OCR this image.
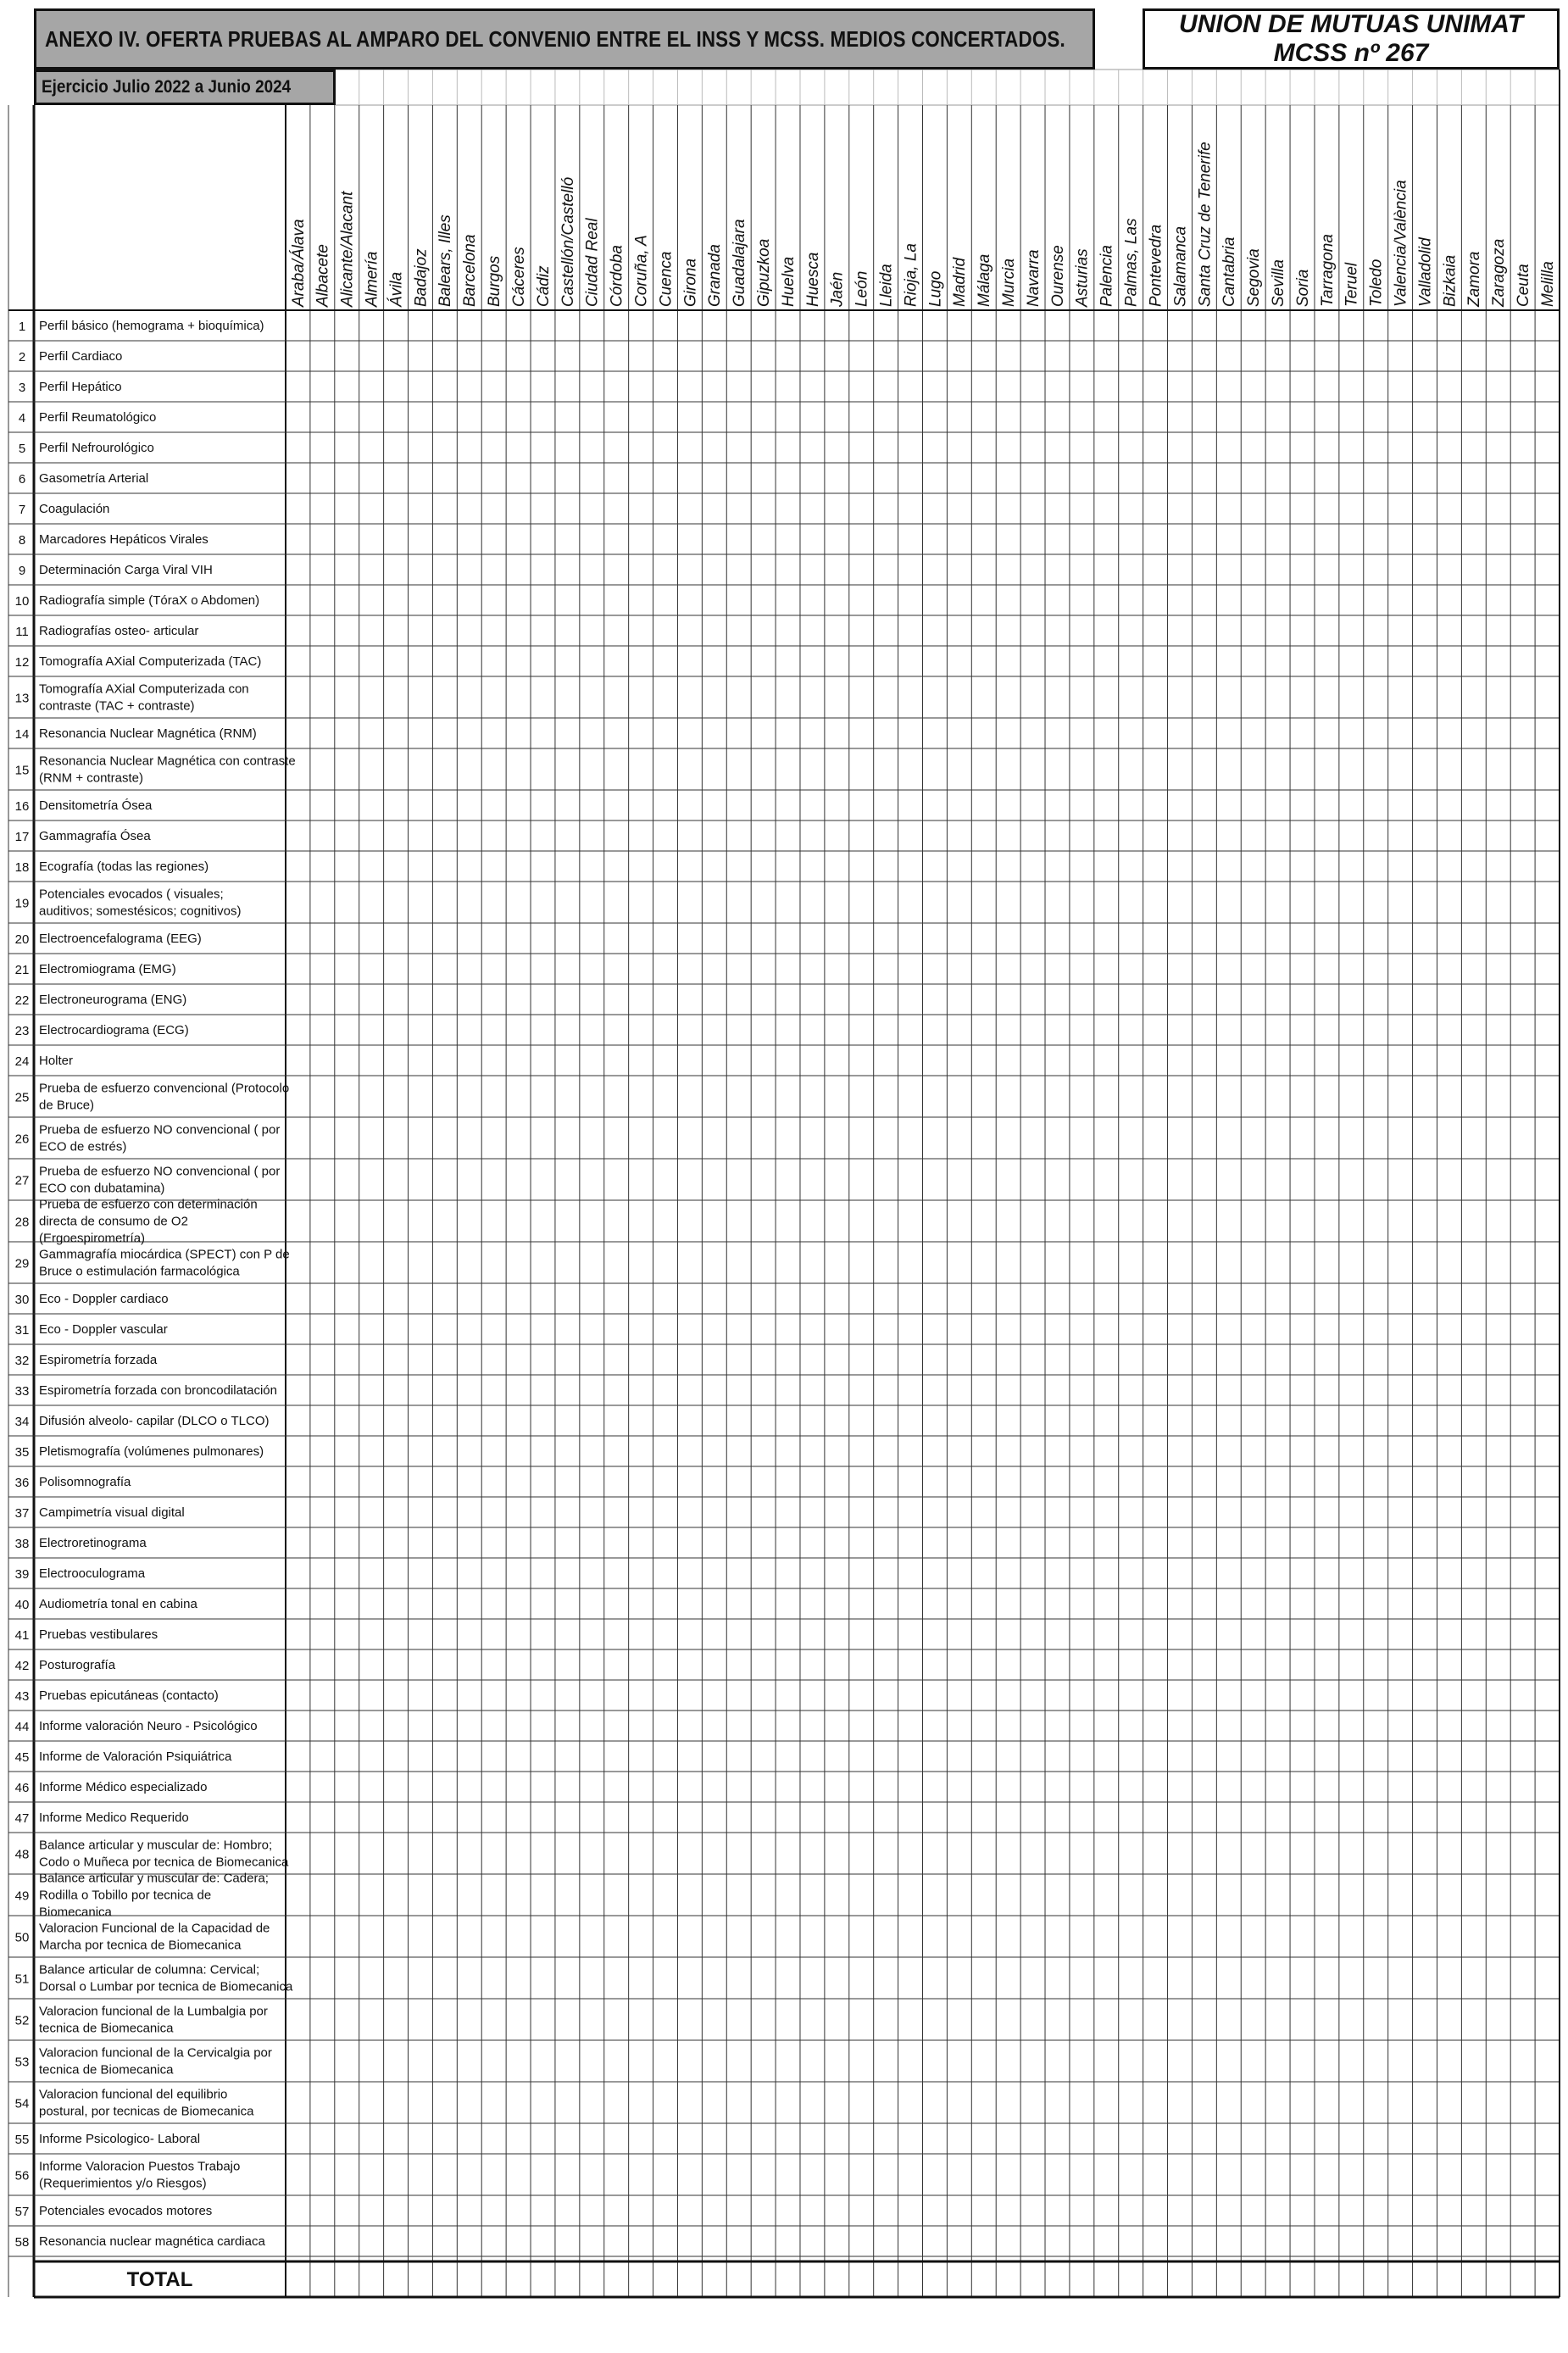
Araba/Álava Albacete Alicante/Alacant Almería Ávila Badajoz Balears, Illes Barcelona Burgos Cáceres Cádiz Castellón/Castelló Ciudad Real Córdoba Coruña, A Cuenca Girona Granada Guadalajara Gipuzkoa Huelva Huesca Jaén León Lleida Rioja, La Lugo Madrid Málaga Murcia Navarra Ourense Asturias Palencia Palmas, Las Pontevedra Salamanca Santa Cruz de Tenerife Cantabria Segovia Sevilla Soria Tarragona Teruel Toledo Valencia/València Valladolid Bizkaia Zamora Zaragoza Ceuta Melilla
1 Perfil básico (hemograma + bioquímica)
2 Perfil Cardiaco
3 Perfil Hepático
4 Perfil Reumatológico
5 Perfil Nefrourológico
6 Gasometría Arterial
7 Coagulación
8 Marcadores Hepáticos Virales
9 Determinación Carga Viral VIH
10 Radiografía simple (TóraX o Abdomen)
11 Radiografías osteo- articular
12 Tomografía AXial Computerizada (TAC)
13
Tomografía AXial Computerizada con contraste (TAC + contraste)
14 Resonancia Nuclear Magnética (RNM)
15
Resonancia Nuclear Magnética con contraste (RNM + contraste)
16 Densitometría Ósea
17 Gammagrafía Ósea
18 Ecografía (todas las regiones)
19
Potenciales evocados ( visuales; auditivos; somestésicos; cognitivos)
20 Electroencefalograma (EEG)
21 Electromiograma (EMG)
22 Electroneurograma (ENG)
23 Electrocardiograma (ECG)
24 Holter
25
Prueba de esfuerzo convencional (Protocolo de Bruce)
26
Prueba de esfuerzo NO convencional ( por ECO de estrés)
27
Prueba de esfuerzo NO convencional ( por ECO con dubatamina)
28
Prueba de esfuerzo con determinación directa de consumo de O2 (Ergoespirometría)
29
Gammagrafía miocárdica (SPECT) con P de Bruce o estimulación farmacológica
30 Eco - Doppler cardiaco
31 Eco - Doppler vascular
32 Espirometría forzada
33 Espirometría forzada con broncodilatación
34 Difusión alveolo- capilar (DLCO o TLCO)
35 Pletismografía (volúmenes pulmonares)
36 Polisomnografía
37 Campimetría visual digital
38 Electroretinograma
39 Electrooculograma
40 Audiometría tonal en cabina
41 Pruebas vestibulares
42 Posturografía
43 Pruebas epicutáneas (contacto)
44 Informe valoración Neuro - Psicológico
45 Informe de Valoración Psiquiátrica
46 Informe Médico especializado
47 Informe Medico Requerido
48
Balance articular y muscular de: Hombro; Codo o Muñeca por tecnica de Biomecanica
49
Balance articular y muscular de: Cadera; Rodilla o Tobillo por tecnica de Biomecanica
50
Valoracion Funcional de la Capacidad de Marcha por tecnica de Biomecanica
51
Balance articular de columna: Cervical; Dorsal o Lumbar por tecnica de Biomecanica
52
Valoracion funcional de la Lumbalgia por tecnica de Biomecanica
53
Valoracion funcional de la Cervicalgia por tecnica de Biomecanica
54
Valoracion funcional del equilibrio postural, por tecnicas de Biomecanica
55 Informe Psicologico- Laboral
56
Informe Valoracion Puestos Trabajo (Requerimientos y/o Riesgos)
57 Potenciales evocados motores
58 Resonancia nuclear magnética cardiaca
TOTAL
ANEXO IV. OFERTA PRUEBAS AL AMPARO DEL CONVENIO ENTRE EL INSS Y MCSS. MEDIOS CONCERTADOS.
UNION DE MUTUAS UNIMAT
MCSS nº 267
Ejercicio Julio 2022 a Junio 2024
